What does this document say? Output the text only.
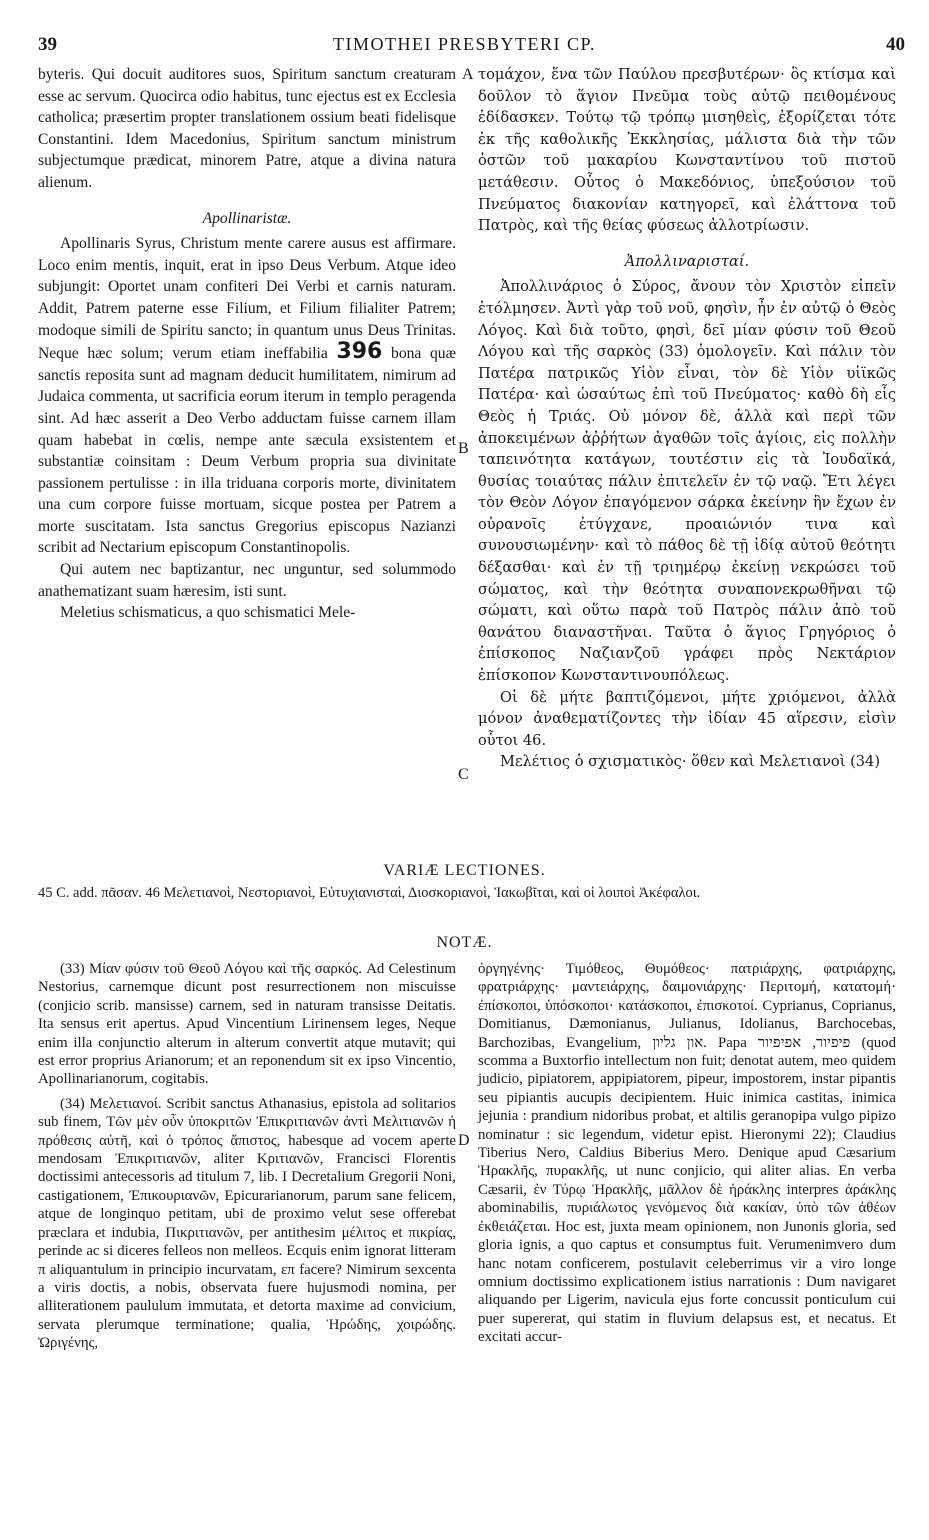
39	TIMOTHEI PRESBYTERI CP.	40

byteris. Qui docuit auditores suos, Spiritum sanctum creaturam esse ac servum. Quocirca odio habitus, tunc ejectus est ex Ecclesia catholica; præsertim propter translationem ossium beati fidelisque Constantini. Idem Macedonius, Spiritum sanctum ministrum subjectumque prædicat, minorem Patre, atque a divina natura alienum.

Apollinaristæ.

Apollinaris Syrus, Christum mente carere ausus est affirmare. Loco enim mentis, inquit, erat in ipso Deus Verbum. Atque ideo subjungit: Oportet unam confiteri Dei Verbi et carnis naturam. Addit, Patrem paterne esse Filium, et Filium filialiter Patrem; modoque simili de Spiritu sancto; in quantum unus Deus Trinitas. Neque hæc solum; verum etiam ineffabilia 396 bona quæ sanctis reposita sunt ad magnam deducit humilitatem, nimirum ad Judaica commenta, ut sacrificia eorum iterum in templo peragenda sint. Ad hæc asserit a Deo Verbo adductam fuisse carnem illam quam habebat in cœlis, nempe ante sæcula exsistentem et substantiæ coinsitam : Deum Verbum propria sua divinitate passionem pertulisse : in illa triduana corporis morte, divinitatem una cum corpore fuisse mortuam, sicque postea per Patrem a morte suscitatam. Ista sanctus Gregorius episcopus Nazianzi scribit ad Nectarium episcopum Constantinopolis.

Qui autem nec baptizantur, nec unguntur, sed solummodo anathematizant suam hæresim, isti sunt.

Meletius schismaticus, a quo schismatici Mele-

A
B
C
D

τομάχον, ἕνα τῶν Παύλου πρεσβυτέρων· ὃς κτίσμα καὶ δοῦλον τὸ ἅγιον Πνεῦμα τοὺς αὐτῷ πειθομένους ἐδίδασκεν. Τούτῳ τῷ τρόπῳ μισηθεὶς, ἐξορίζεται τότε ἐκ τῆς καθολικῆς Ἐκκλησίας, μάλιστα διὰ τὴν τῶν ὀστῶν τοῦ μακαρίου Κωνσταντίνου τοῦ πιστοῦ μετάθεσιν. Οὗτος ὁ Μακεδόνιος, ὑπεξούσιον τοῦ Πνεύματος διακονίαν κατηγορεῖ, καὶ ἐλάττονα τοῦ Πατρὸς, καὶ τῆς θείας φύσεως ἀλλοτρίωσιν.

Ἀπολλιναρισταί.

Ἀπολλινάριος ὁ Σύρος, ἄνουν τὸν Χριστὸν εἰπεῖν ἐτόλμησεν. Ἀντὶ γὰρ τοῦ νοῦ, φησὶν, ἦν ἐν αὐτῷ ὁ Θεὸς Λόγος. Καὶ διὰ τοῦτο, φησὶ, δεῖ μίαν φύσιν τοῦ Θεοῦ Λόγου καὶ τῆς σαρκὸς (33) ὁμολογεῖν. Καὶ πάλιν τὸν Πατέρα πατρικῶς Υἱὸν εἶναι, τὸν δὲ Υἱὸν υἱϊκῶς Πατέρα· καὶ ὡσαύτως ἐπὶ τοῦ Πνεύματος· καθὸ δὴ εἷς Θεὸς ἡ Τριάς. Οὐ μόνον δὲ, ἀλλὰ καὶ περὶ τῶν ἀποκειμένων ἀῤῥήτων ἀγαθῶν τοῖς ἁγίοις, εἰς πολλὴν ταπεινότητα κατάγων, τουτέστιν εἰς τὰ Ἰουδαϊκά, θυσίας τοιαύτας πάλιν ἐπιτελεῖν ἐν τῷ ναῷ. Ἔτι λέγει τὸν Θεὸν Λόγον ἐπαγόμενον σάρκα ἐκείνην ἣν ἔχων ἐν οὐρανοῖς ἐτύγχανε, προαιώνιόν τινα καὶ συνουσιωμένην· καὶ τὸ πάθος δὲ τῇ ἰδίᾳ αὐτοῦ θεότητι δέξασθαι· καὶ ἐν τῇ τριημέρῳ ἐκείνῃ νεκρώσει τοῦ σώματος, καὶ τὴν θεότητα συναπονεκρωθῆναι τῷ σώματι, καὶ οὕτω παρὰ τοῦ Πατρὸς πάλιν ἀπὸ τοῦ θανάτου διαναστῆναι. Ταῦτα ὁ ἅγιος Γρηγόριος ὁ ἐπίσκοπος Ναζιανζοῦ γράφει πρὸς Νεκτάριον ἐπίσκοπον Κωνσταντινουπόλεως.

Οἱ δὲ μήτε βαπτιζόμενοι, μήτε χριόμενοι, ἀλλὰ μόνον ἀναθεματίζοντες τὴν ἰδίαν 45 αἵρεσιν, εἰσὶν οὗτοι 46.

Μελέτιος ὁ σχισματικὸς· ὅθεν καὶ Μελετιανοὶ (34)

VARIÆ LECTIONES.
45 C. add. πᾶσαν. 46 Μελετιανοὶ, Νεστοριανοὶ, Εὐτυχιανισταὶ, Διοσκοριανοὶ, Ἰακωβῖται, καὶ οἱ λοιποὶ Ἀκέφαλοι.
NOTÆ.

(33) Μίαν φύσιν τοῦ Θεοῦ Λόγου καὶ τῆς σαρκός. Ad Celestinum Nestorius, carnemque dicunt post resurrectionem non miscuisse (conjicio scrib. mansisse) carnem, sed in naturam transisse Deitatis. Ita sensus erit apertus. Apud Vincentium Lirinensem leges, Neque enim illa conjunctio alterum in alterum convertit atque mutavit; qui est error proprius Arianorum; et an reponendum sit ex ipso Vincentio, Apollinarianorum, cogitabis.

(34) Μελετιανοί. Scribit sanctus Athanasius, epistola ad solitarios sub finem, Τῶν μὲν οὖν ὑποκριτῶν Ἐπικριτιανῶν ἀντὶ Μελιτιανῶν ἡ πρόθεσις αὐτῆ, καὶ ὁ τρόπος ἄπιστος, habesque ad vocem aperte mendosam Ἐπικριτιανῶν, aliter Κριτιανῶν, Francisci Florentis doctissimi antecessoris ad titulum 7, lib. I Decretalium Gregorii Noni, castigationem, Ἐπικουριανῶν, Epicurarianorum, parum sane felicem, atque de longinquo petitam, ubi de proximo velut sese offerebat præclara et indubia, Πικριτιανῶν, per antithesim μέλιτος et πικρίας, perinde ac si diceres felleos non melleos. Ecquis enim ignorat litteram π aliquantulum in principio incurvatam, επ facere? Nimirum sexcenta a viris doctis, a nobis, observata fuere hujusmodi nomina, per alliterationem paululum immutata, et detorta maxime ad convicium, servata plerumque terminatione; qualia, Ἡρώδης, χοιρώδης. Ὠριγένης,

ὀργηγένης· Τιμόθεος, Θυμόθεος· πατριάρχης, φατριάρχης, φρατριάρχης· μαντειάρχης, δαιμονιάρχης· Περιτομή, κατατομή· ἐπίσκοποι, ὑπόσκοποι· κατάσκοποι, ἐπισκοτοί. Cyprianus, Coprianus, Domitianus, Dæmonianus, Julianus, Idolianus, Barchocebas, Barchozibas, Evangelium, און גליון. Papa פיפיור, אפיפיור (quod scomma a Buxtorfio intellectum non fuit; denotat autem, meo quidem judicio, pipiatorem, appipiatorem, pipeur, impostorem, instar pipantis seu pipiantis aucupis decipientem. Huic inimica castitas, inimica jejunia : prandium nidoribus probat, et altilis geranopipa vulgo pipizo nominatur : sic legendum, videtur epist. Hieronymi 22); Claudius Tiberius Nero, Caldius Biberius Mero. Denique apud Cæsarium Ἡρακλῆς, πυρακλῆς, ut nunc conjicio, qui aliter alias. En verba Cæsarii, ἐν Τύρῳ Ἡρακλῆς, μᾶλλον δὲ ἡράκλης interpres ἀράκλης abominabilis, πυριάλωτος γενόμενος διὰ κακίαν, ὑπὸ τῶν ἀθέων ἐκθειάζεται. Hoc est, juxta meam opinionem, non Junonis gloria, sed gloria ignis, a quo captus et consumptus fuit. Verumenimvero dum hanc notam conficerem, postulavit celeberrimus vir a viro longe omnium doctissimo explicationem istius narrationis : Dum navigaret aliquando per Ligerim, navicula ejus forte concussit ponticulum cui puer supererat, qui statim in fluvium delapsus est, et necatus. Et excitati accur-
